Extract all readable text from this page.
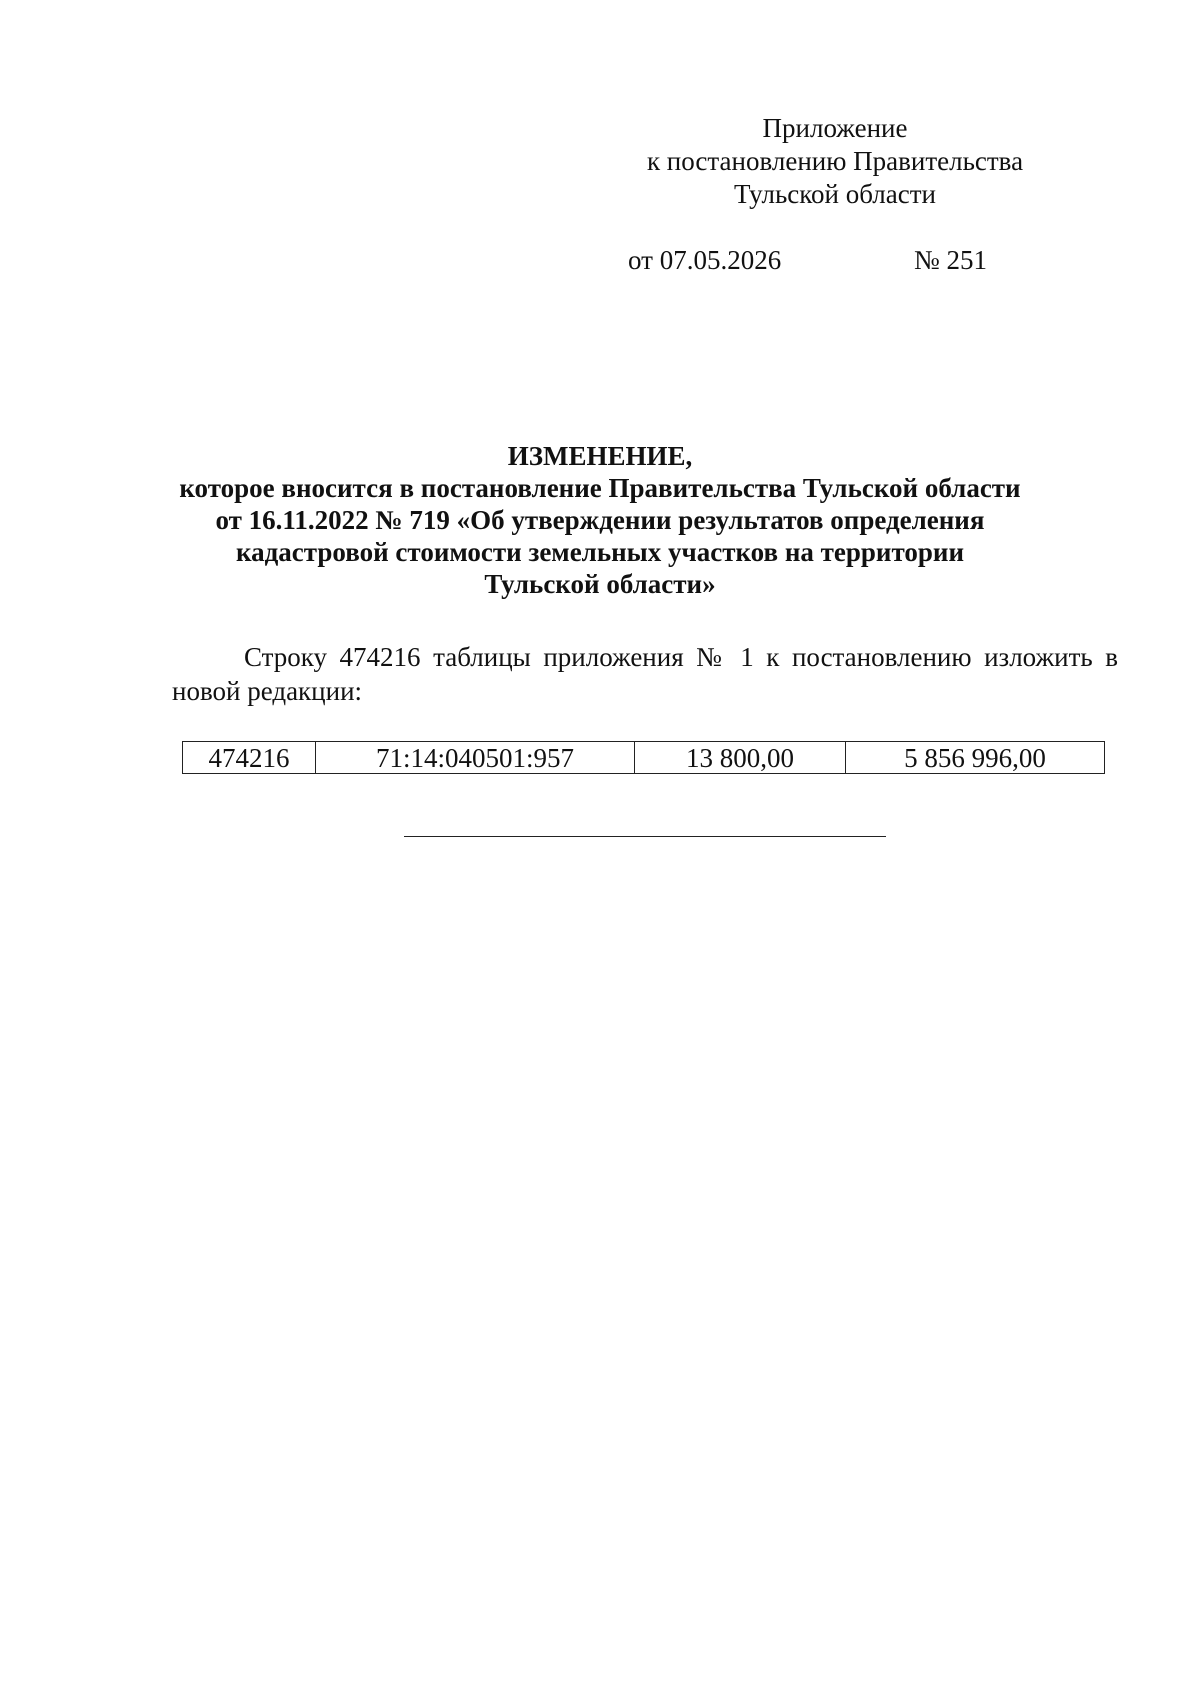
Приложение
к постановлению Правительства
Тульской области
от 07.05.2026	№ 251
ИЗМЕНЕНИЕ,
которое вносится в постановление Правительства Тульской области
от 16.11.2022 № 719 «Об утверждении результатов определения
кадастровой стоимости земельных участков на территории
Тульской области»
Строку 474216 таблицы приложения № 1 к постановлению изложить в новой редакции:
474216	71:14:040501:957	13 800,00	5 856 996,00
